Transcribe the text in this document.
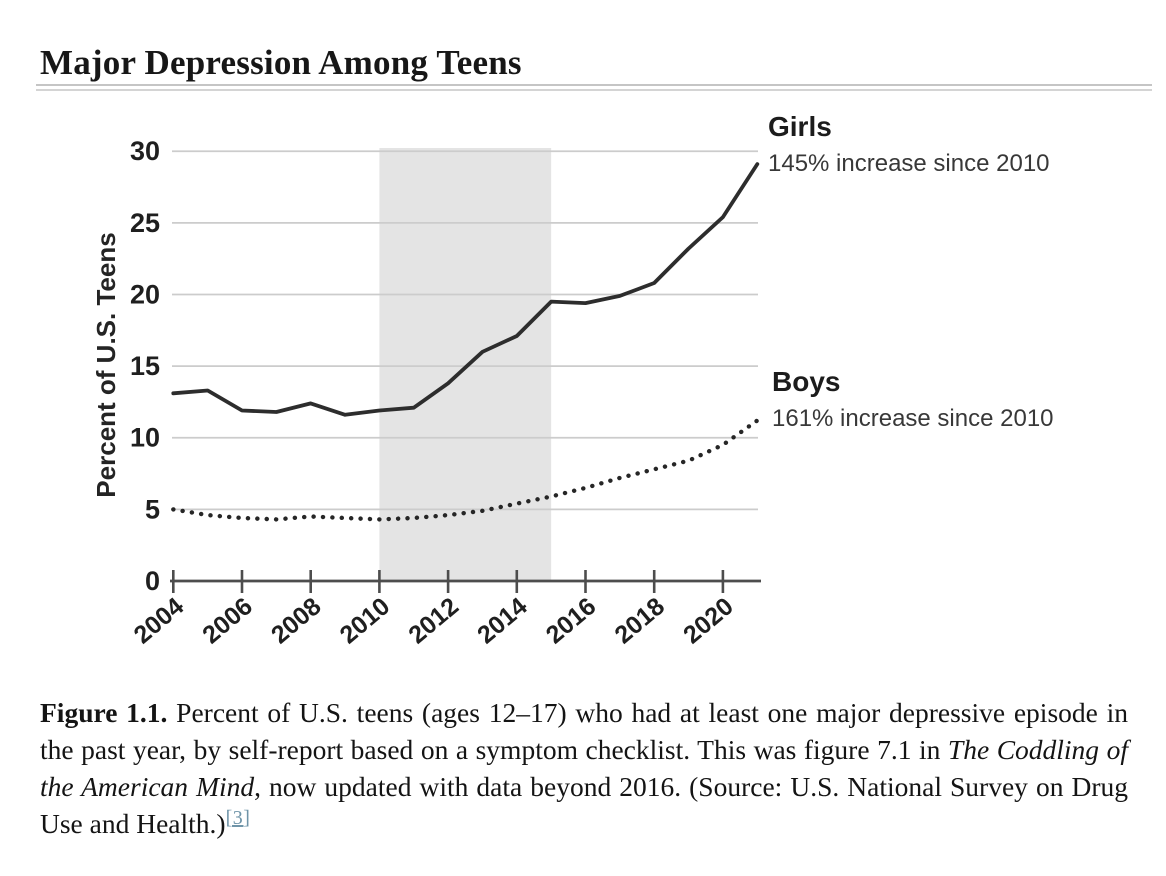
Major Depression Among Teens
2004 2006 2008 2010 2012 2014 2016 2018 2020
0
5
10
15
20
25
30
Percent of U.S. Teens
Girls
145% increase since 2010
Boys
161% increase since 2010

Figure 1.1. Percent of U.S. teens (ages 12–17) who had at least one major depressive episode in the past year, by self-report based on a symptom checklist. This was figure 7.1 in The Coddling of the American Mind, now updated with data beyond 2016. (Source: U.S. National Survey on Drug Use and Health.)[3]
